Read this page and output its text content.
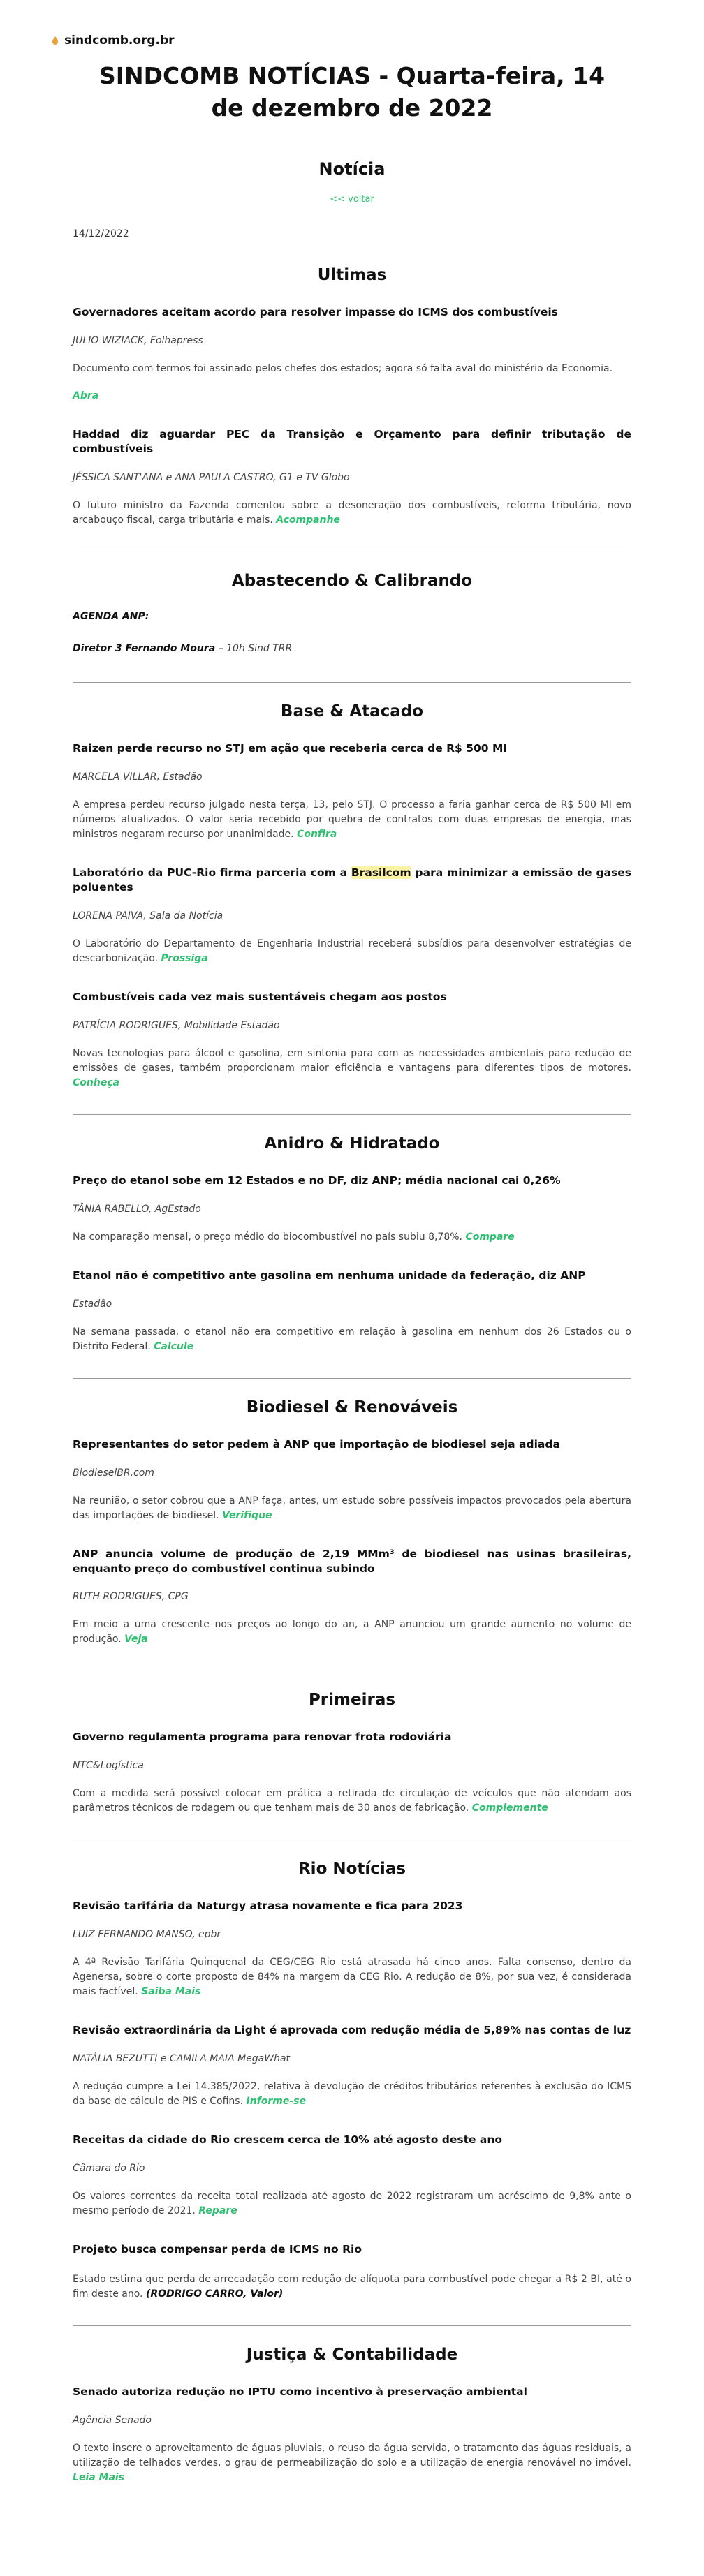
sindcomb.org.br
SINDCOMB NOTÍCIAS - Quarta-feira, 14 de dezembro de 2022
Notícia
<< voltar
14/12/2022
Ultimas
Governadores aceitam acordo para resolver impasse do ICMS dos combustíveis
JULIO WIZIACK, Folhapress

Documento com termos foi assinado pelos chefes dos estados; agora só falta aval do ministério da Economia.
Abra

Haddad diz aguardar PEC da Transição e Orçamento para definir tributação de combustíveis
JÉSSICA SANT'ANA e ANA PAULA CASTRO, G1 e TV Globo

O futuro ministro da Fazenda comentou sobre a desoneração dos combustíveis, reforma tributária, novo arcabouço fiscal, carga tributária e mais. Acompanhe

Abastecendo & Calibrando

AGENDA ANP:

Diretor 3 Fernando Moura – 10h Sind TRR

Base & Atacado
Raizen perde recurso no STJ em ação que receberia cerca de R$ 500 MI
MARCELA VILLAR, Estadão

A empresa perdeu recurso julgado nesta terça, 13, pelo STJ. O processo a faria ganhar cerca de R$ 500 MI em números atualizados. O valor seria recebido por quebra de contratos com duas empresas de energia, mas ministros negaram recurso por unanimidade. Confira

Laboratório da PUC-Rio firma parceria com a Brasilcom para minimizar a emissão de gases poluentes
LORENA PAIVA, Sala da Notícia

O Laboratório do Departamento de Engenharia Industrial receberá subsídios para desenvolver estratégias de descarbonização. Prossiga

Combustíveis cada vez mais sustentáveis chegam aos postos
PATRÍCIA RODRIGUES, Mobilidade Estadão

Novas tecnologias para álcool e gasolina, em sintonia para com as necessidades ambientais para redução de emissões de gases, também proporcionam maior eficiência e vantagens para diferentes tipos de motores. Conheça

Anidro & Hidratado
Preço do etanol sobe em 12 Estados e no DF, diz ANP; média nacional cai 0,26%
TÂNIA RABELLO, AgEstado

Na comparação mensal, o preço médio do biocombustível no país subiu 8,78%. Compare

Etanol não é competitivo ante gasolina em nenhuma unidade da federação, diz ANP
Estadão

Na semana passada, o etanol não era competitivo em relação à gasolina em nenhum dos 26 Estados ou o Distrito Federal. Calcule

Biodiesel & Renováveis
Representantes do setor pedem à ANP que importação de biodiesel seja adiada
BiodieselBR.com

Na reunião, o setor cobrou que a ANP faça, antes, um estudo sobre possíveis impactos provocados pela abertura das importações de biodiesel. Verifique

ANP anuncia volume de produção de 2,19 MMm³ de biodiesel nas usinas brasileiras, enquanto preço do combustível continua subindo
RUTH RODRIGUES, CPG

Em meio a uma crescente nos preços ao longo do an, a ANP anunciou um grande aumento no volume de produção. Veja

Primeiras
Governo regulamenta programa para renovar frota rodoviária
NTC&Logística

Com a medida será possível colocar em prática a retirada de circulação de veículos que não atendam aos parâmetros técnicos de rodagem ou que tenham mais de 30 anos de fabricação. Complemente

Rio Notícias
Revisão tarifária da Naturgy atrasa novamente e fica para 2023
LUIZ FERNANDO MANSO, epbr

A 4ª Revisão Tarifária Quinquenal da CEG/CEG Rio está atrasada há cinco anos. Falta consenso, dentro da Agenersa, sobre o corte proposto de 84% na margem da CEG Rio. A redução de 8%, por sua vez, é considerada mais factível. Saiba Mais

Revisão extraordinária da Light é aprovada com redução média de 5,89% nas contas de luz
NATÁLIA BEZUTTI e CAMILA MAIA MegaWhat

A redução cumpre a Lei 14.385/2022, relativa à devolução de créditos tributários referentes à exclusão do ICMS da base de cálculo de PIS e Cofins. Informe-se

Receitas da cidade do Rio crescem cerca de 10% até agosto deste ano
Câmara do Rio

Os valores correntes da receita total realizada até agosto de 2022 registraram um acréscimo de 9,8% ante o mesmo período de 2021. Repare

Projeto busca compensar perda de ICMS no Rio

Estado estima que perda de arrecadação com redução de alíquota para combustível pode chegar a R$ 2 BI, até o fim deste ano. (RODRIGO CARRO, Valor)

Justiça & Contabilidade
Senado autoriza redução no IPTU como incentivo à preservação ambiental
Agência Senado

O texto insere o aproveitamento de águas pluviais, o reuso da água servida, o tratamento das águas residuais, a utilização de telhados verdes, o grau de permeabilização do solo e a utilização de energia renovável no imóvel. Leia Mais
